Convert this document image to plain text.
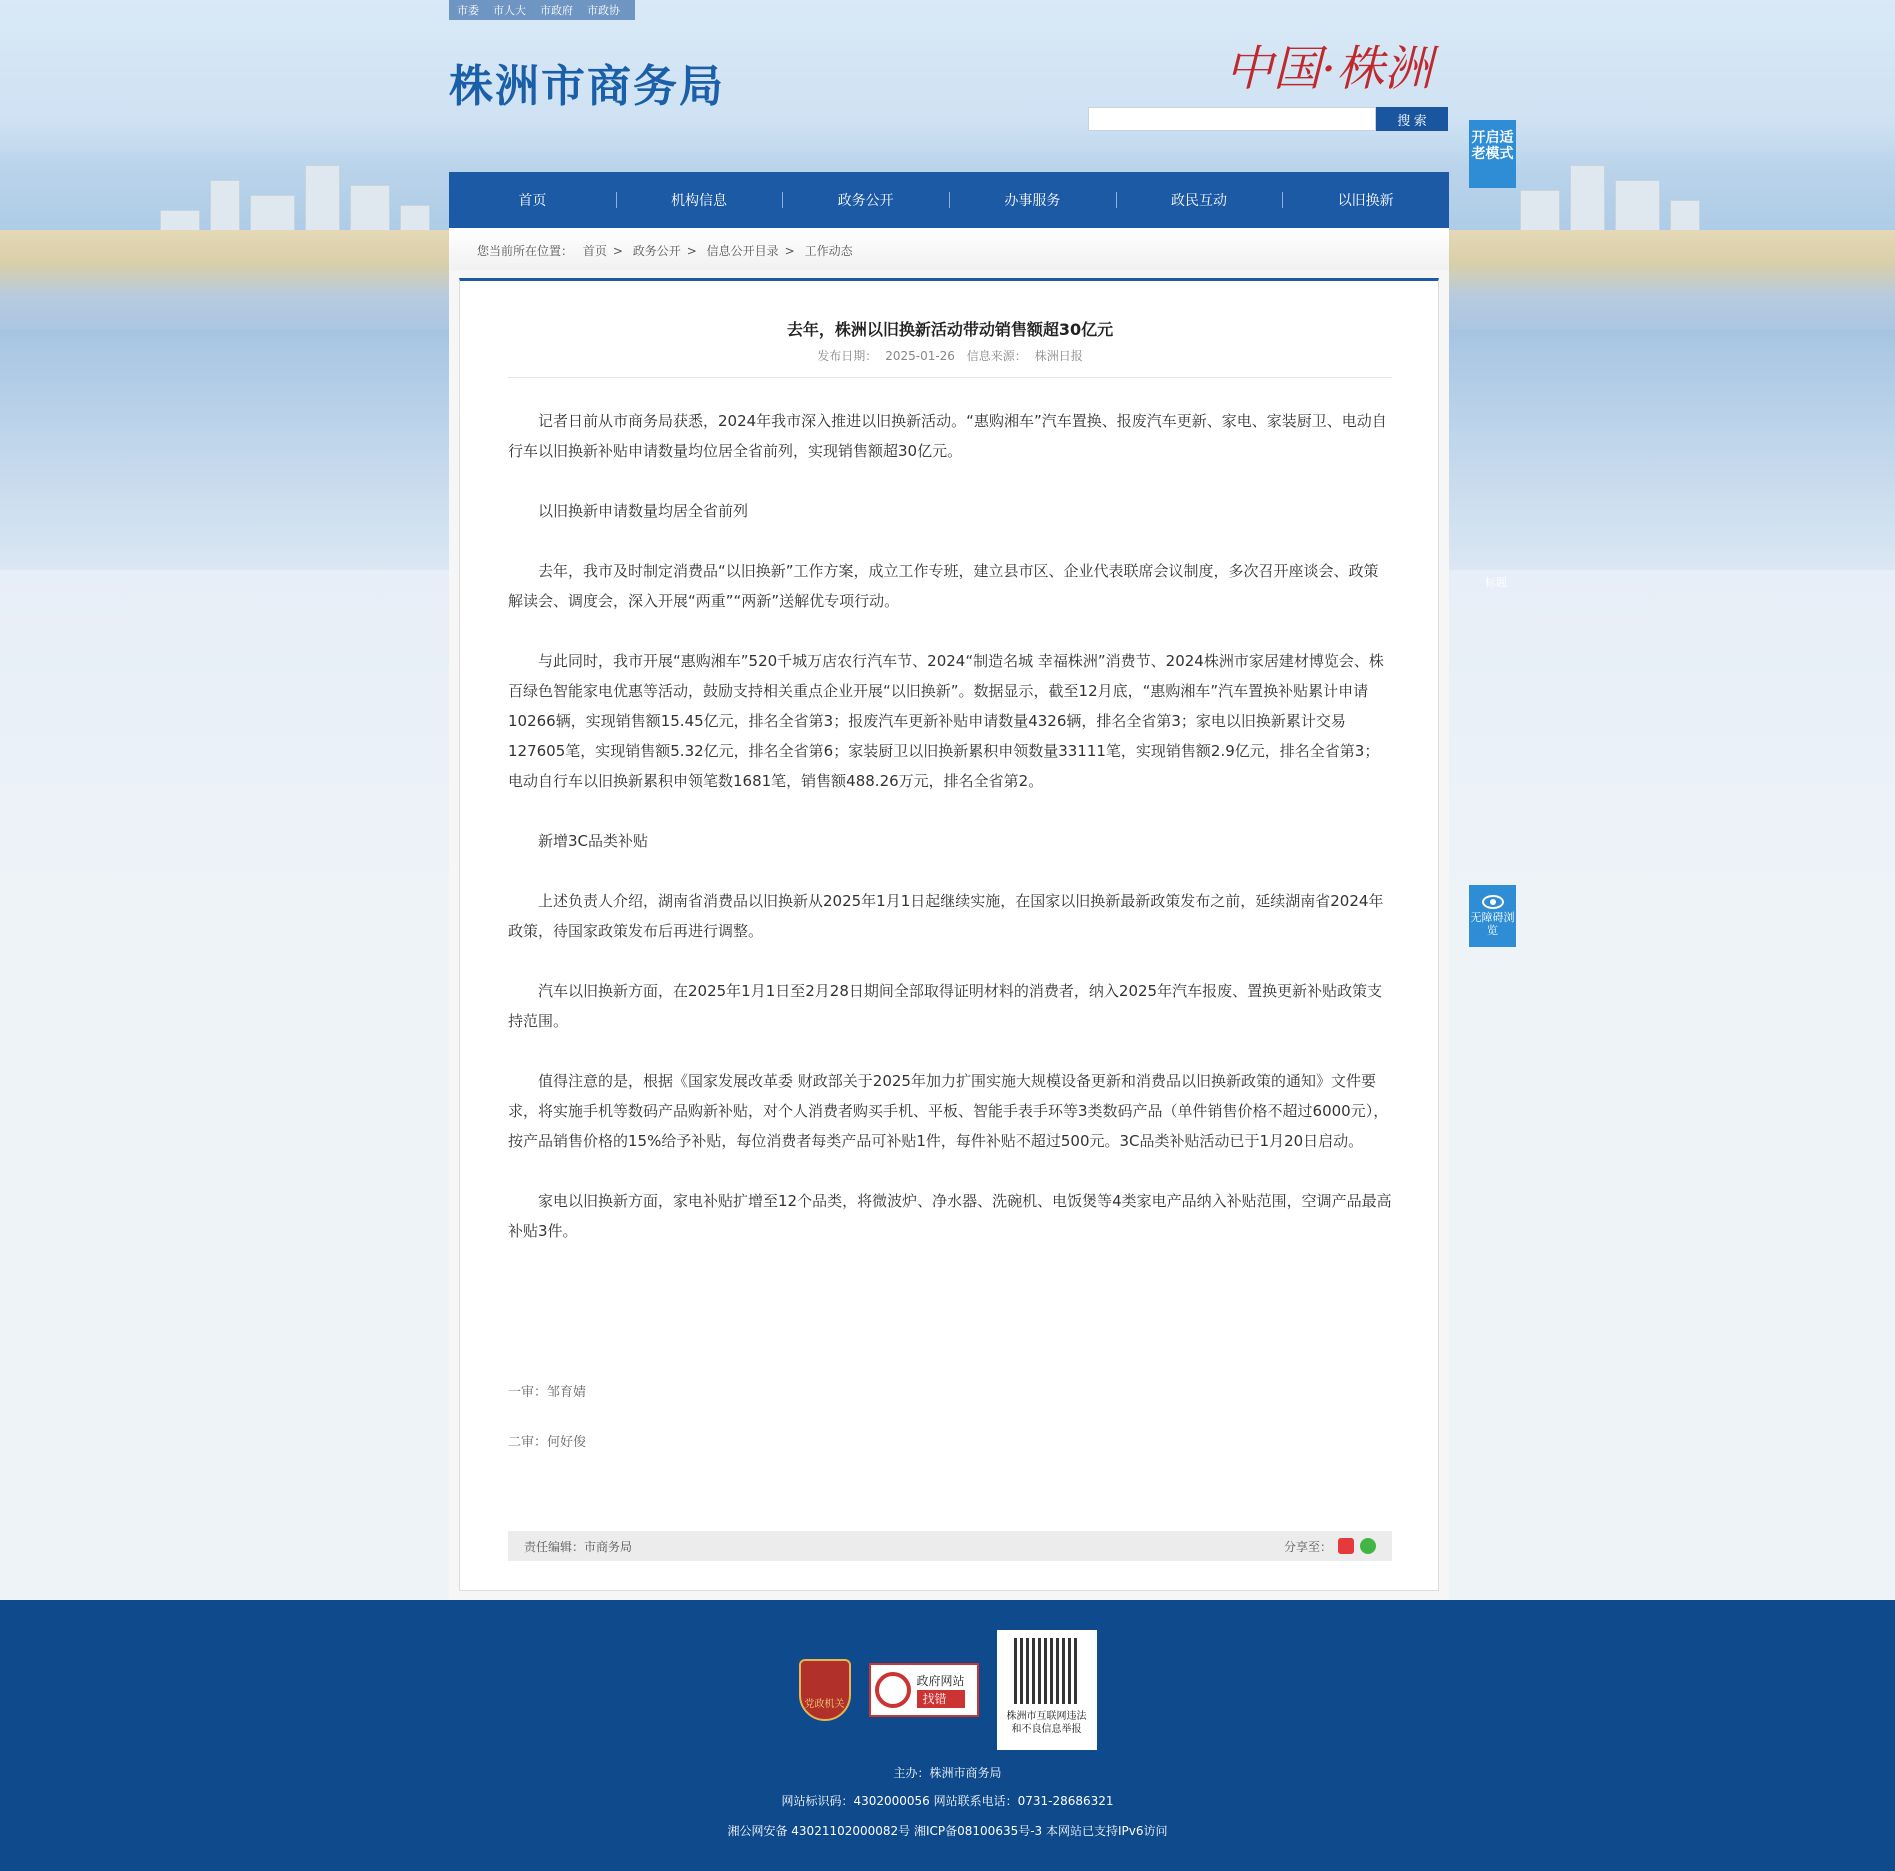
市委 市人大 市政府 市政协
株洲市商务局	中国·株洲
搜 索
开启适老模式
标题
无障碍浏览
首页	机构信息	政务公开	办事服务	政民互动	以旧换新
您当前所在位置： 首页 > 政务公开 > 信息公开目录 > 工作动态
去年，株洲以旧换新活动带动销售额超30亿元
发布日期： 2025-01-26 信息来源： 株洲日报

记者日前从市商务局获悉，2024年我市深入推进以旧换新活动。“惠购湘车”汽车置换、报废汽车更新、家电、家装厨卫、电动自行车以旧换新补贴申请数量均位居全省前列，实现销售额超30亿元。

以旧换新申请数量均居全省前列

去年，我市及时制定消费品“以旧换新”工作方案，成立工作专班，建立县市区、企业代表联席会议制度，多次召开座谈会、政策解读会、调度会，深入开展“两重”“两新”送解优专项行动。

与此同时，我市开展“惠购湘车”520千城万店农行汽车节、2024“制造名城 幸福株洲”消费节、2024株洲市家居建材博览会、株百绿色智能家电优惠等活动，鼓励支持相关重点企业开展“以旧换新”。数据显示，截至12月底，“惠购湘车”汽车置换补贴累计申请10266辆，实现销售额15.45亿元，排名全省第3；报废汽车更新补贴申请数量4326辆，排名全省第3；家电以旧换新累计交易127605笔，实现销售额5.32亿元，排名全省第6；家装厨卫以旧换新累积申领数量33111笔，实现销售额2.9亿元，排名全省第3；电动自行车以旧换新累积申领笔数1681笔，销售额488.26万元，排名全省第2。

新增3C品类补贴

上述负责人介绍，湖南省消费品以旧换新从2025年1月1日起继续实施，在国家以旧换新最新政策发布之前，延续湖南省2024年政策，待国家政策发布后再进行调整。

汽车以旧换新方面，在2025年1月1日至2月28日期间全部取得证明材料的消费者，纳入2025年汽车报废、置换更新补贴政策支持范围。

值得注意的是，根据《国家发展改革委 财政部关于2025年加力扩围实施大规模设备更新和消费品以旧换新政策的通知》文件要求，将实施手机等数码产品购新补贴，对个人消费者购买手机、平板、智能手表手环等3类数码产品（单件销售价格不超过6000元），按产品销售价格的15%给予补贴，每位消费者每类产品可补贴1件，每件补贴不超过500元。3C品类补贴活动已于1月20日启动。

家电以旧换新方面，家电补贴扩增至12个品类，将微波炉、净水器、洗碗机、电饭煲等4类家电产品纳入补贴范围，空调产品最高补贴3件。

一审：邹育婧
二审：何好俊
责任编辑：市商务局	分享至：
党政机关
政府网站
找错
株洲市互联网违法和不良信息举报
主办：株洲市商务局
网站标识码：4302000056 网站联系电话：0731-28686321
湘公网安备 43021102000082号 湘ICP备08100635号-3 本网站已支持IPv6访问
